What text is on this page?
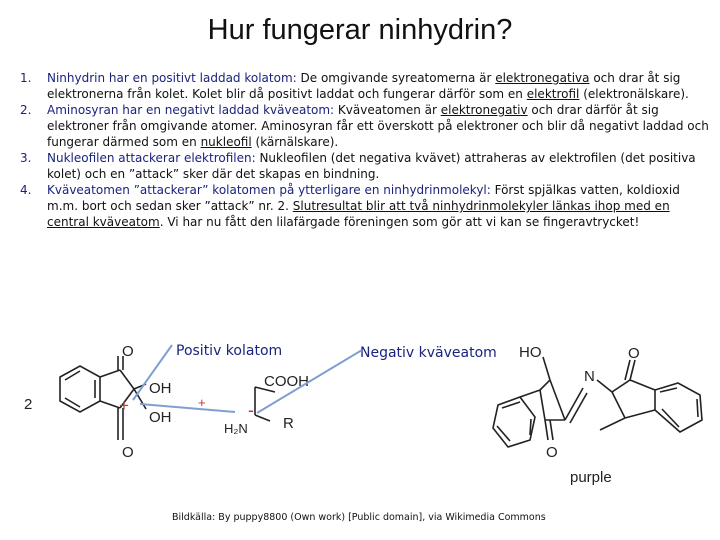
Hur fungerar ninhydrin?
1. Ninhydrin har en positivt laddad kolatom: De omgivande syreatomerna är elektronegativa och drar åt sig elektronerna från kolet. Kolet blir då positivt laddat och fungerar därför som en elektrofil (elektronälskare).
2. Aminosyran har en negativt laddad kväveatom: Kväveatomen är elektronegativ och drar därför åt sig elektroner från omgivande atomer. Aminosyran får ett överskott på elektroner och blir då negativt laddad och fungerar därmed som en nukleofil (kärnälskare).
3. Nukleofilen attackerar elektrofilen: Nukleofilen (det negativa kvävet) attraheras av elektrofilen (det positiva kolet) och en ”attack” sker där det skapas en bindning.
4. Kväveatomen ”attackerar” kolatomen på ytterligare en ninhydrinmolekyl: Först spjälkas vatten, koldioxid m.m. bort och sedan sker ”attack” nr. 2. Slutresultat blir att två ninhydrinmolekyler länkas ihop med en central kväveatom. Vi har nu fått den lilafärgade föreningen som gör att vi kan se fingeravtrycket!
Positiv kolatom	Negativ kväveatom
2
O
O
OH
OH
+
COOH
H₂N R
-
+
HO
N
O
O
purple
Bildkälla: By puppy8800 (Own work) [Public domain], via Wikimedia Commons
